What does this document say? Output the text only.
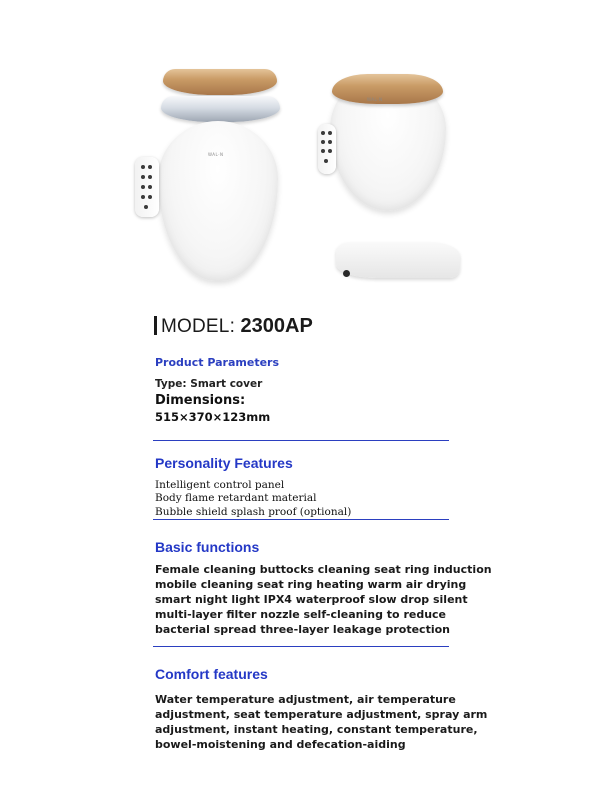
WAL·N
WAL·N
MODEL: 2300AP
Product Parameters
Type: Smart cover
Dimensions:
515×370×123mm
Personality Features
Intelligent control panel
Body flame retardant material
Bubble shield splash proof (optional)
Basic functions
Female cleaning buttocks cleaning seat ring induction
mobile cleaning seat ring heating warm air drying
smart night light IPX4 waterproof slow drop silent
multi-layer filter nozzle self-cleaning to reduce
bacterial spread three-layer leakage protection
Comfort features
Water temperature adjustment, air temperature
adjustment, seat temperature adjustment, spray arm
adjustment, instant heating, constant temperature,
bowel-moistening and defecation-aiding
